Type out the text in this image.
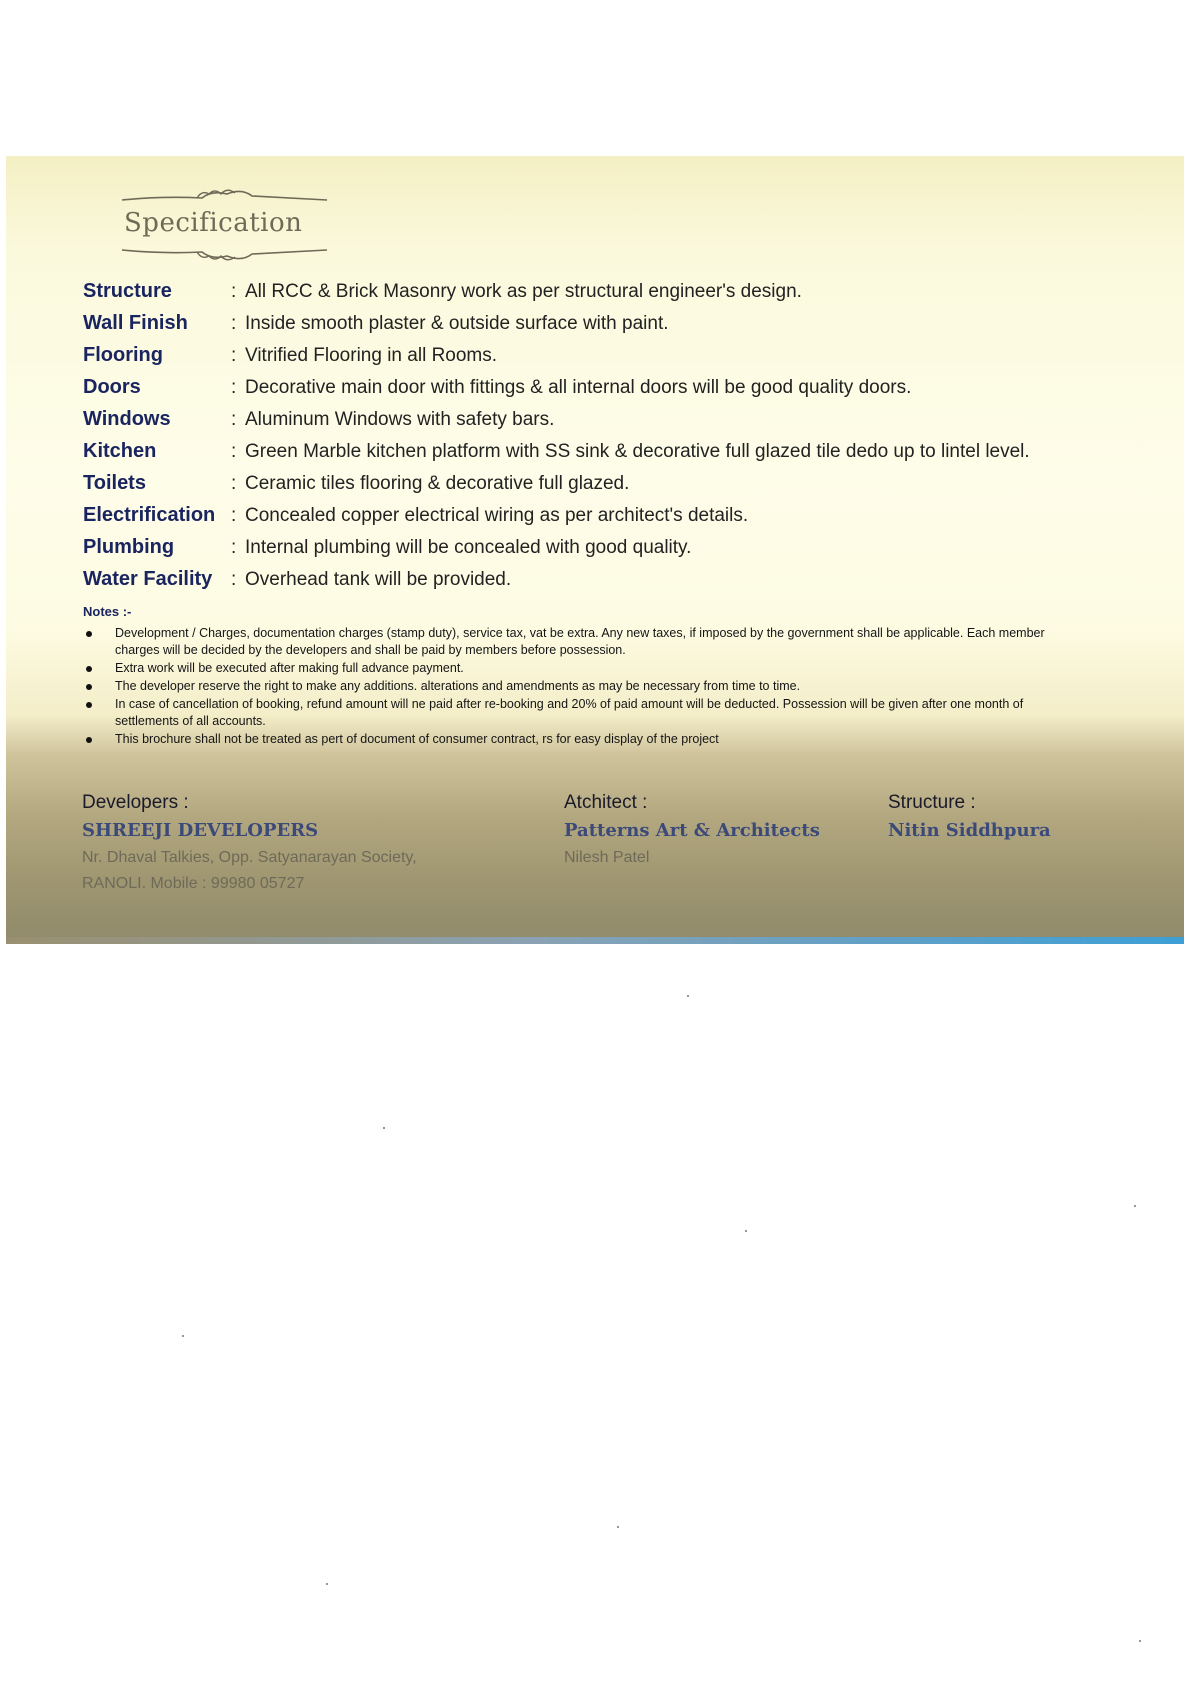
Specification
Structure	: All RCC & Brick Masonry work as per structural engineer's design.
Wall Finish	: Inside smooth plaster & outside surface with paint.
Flooring	: Vitrified Flooring in all Rooms.
Doors	: Decorative main door with fittings & all internal doors will be good quality doors.
Windows	: Aluminum Windows with safety bars.
Kitchen	: Green Marble kitchen platform with SS sink & decorative full glazed tile dedo up to lintel level.
Toilets	: Ceramic tiles flooring & decorative full glazed.
Electrification : Concealed copper electrical wiring as per architect's details.
Plumbing	: Internal plumbing will be concealed with good quality.
Water Facility : Overhead tank will be provided.
Notes :-
Development / Charges, documentation charges (stamp duty), service tax, vat be extra. Any new taxes, if imposed by the government shall be applicable. Each member charges will be decided by the developers and shall be paid by members before possession.
Extra work will be executed after making full advance payment.
The developer reserve the right to make any additions. alterations and amendments as may be necessary from time to time.
In case of cancellation of booking, refund amount will ne paid after re-booking and 20% of paid amount will be deducted. Possession will be given after one month of settlements of all accounts.
This brochure shall not be treated as pert of document of consumer contract, rs for easy display of the project
Developers :
SHREEJI DEVELOPERS
Nr. Dhaval Talkies, Opp. Satyanarayan Society,
RANOLI. Mobile : 99980 05727
Atchitect :
Patterns Art & Architects
Nilesh Patel
Structure :
Nitin Siddhpura
